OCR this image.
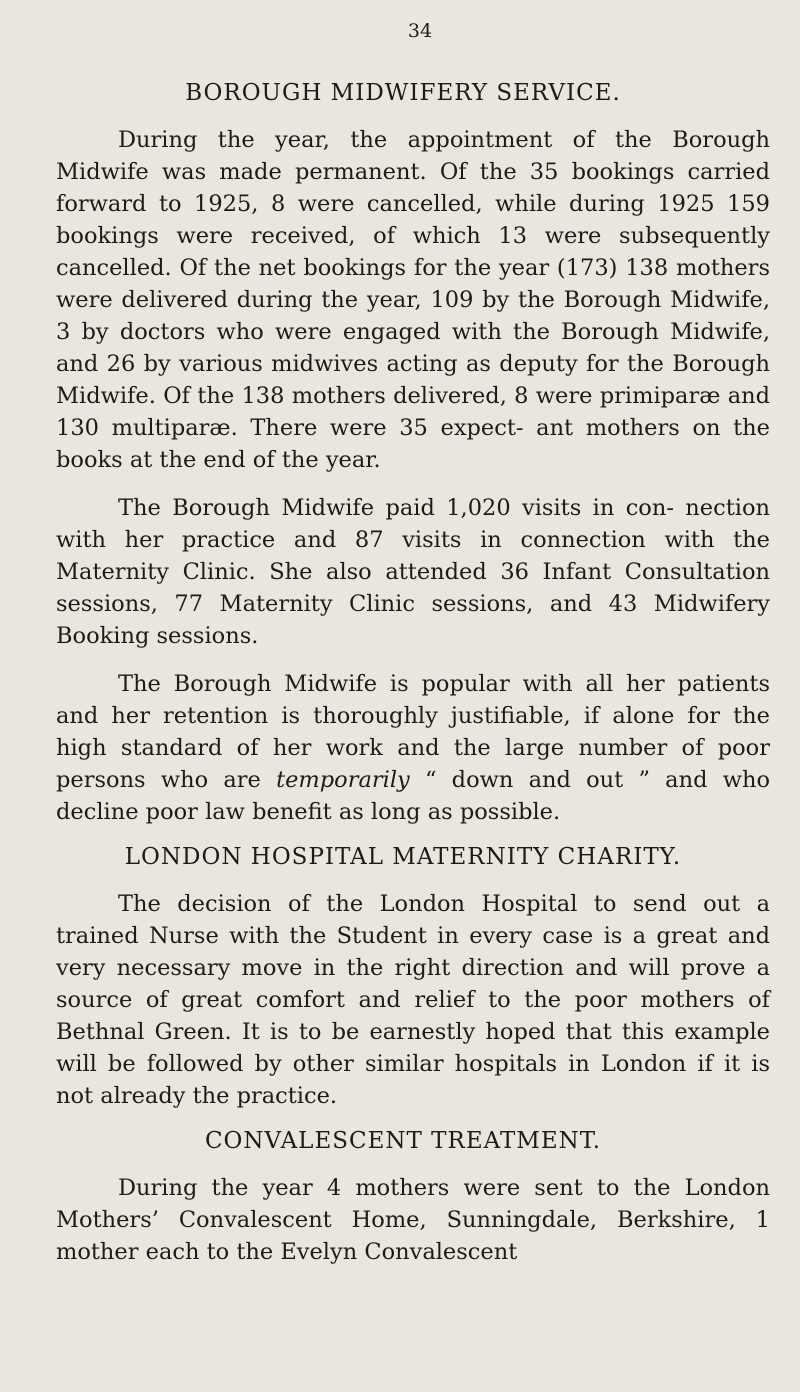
34
BOROUGH MIDWIFERY SERVICE.

During the year, the appointment of the Borough Midwife was made permanent. Of the 35 bookings carried forward to 1925, 8 were cancelled, while during 1925 159 bookings were received, of which 13 were subsequently cancelled. Of the net bookings for the year (173) 138 mothers were delivered during the year, 109 by the Borough Midwife, 3 by doctors who were engaged with the Borough Midwife, and 26 by various midwives acting as deputy for the Borough Midwife. Of the 138 mothers delivered, 8 were primiparæ and 130 multiparæ. There were 35 expect- ant mothers on the books at the end of the year.

The Borough Midwife paid 1,020 visits in con- nection with her practice and 87 visits in connection with the Maternity Clinic. She also attended 36 Infant Consultation sessions, 77 Maternity Clinic sessions, and 43 Midwifery Booking sessions.

The Borough Midwife is popular with all her patients and her retention is thoroughly justifiable, if alone for the high standard of her work and the large number of poor persons who are temporarily “ down and out ” and who decline poor law benefit as long as possible.

LONDON HOSPITAL MATERNITY CHARITY.

The decision of the London Hospital to send out a trained Nurse with the Student in every case is a great and very necessary move in the right direction and will prove a source of great comfort and relief to the poor mothers of Bethnal Green. It is to be earnestly hoped that this example will be followed by other similar hospitals in London if it is not already the practice.

CONVALESCENT TREATMENT.

During the year 4 mothers were sent to the London Mothers’ Convalescent Home, Sunningdale, Berkshire, 1 mother each to the Evelyn Convalescent
